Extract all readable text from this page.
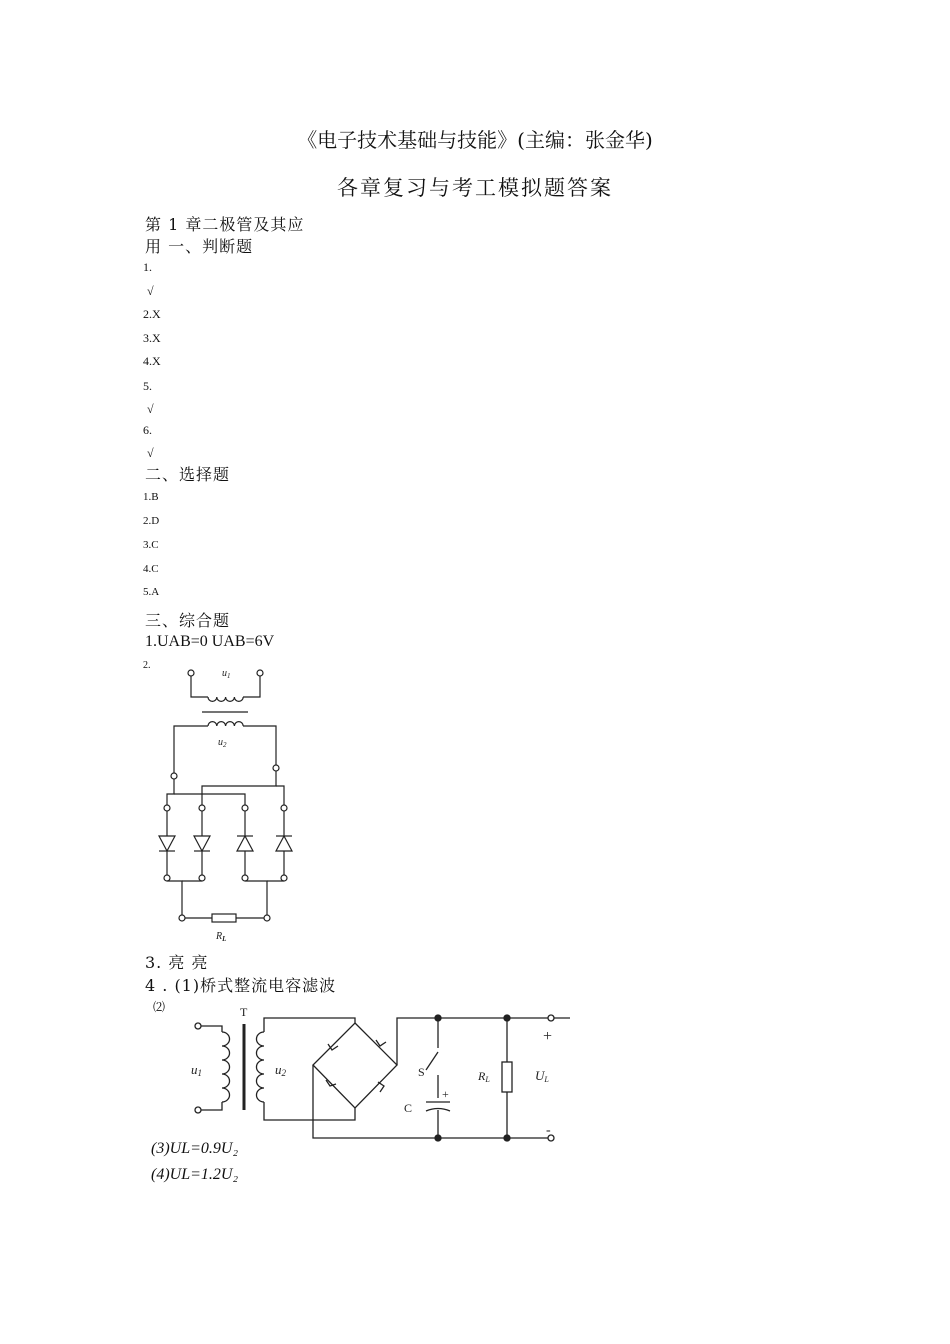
《电子技术基础与技能》(主编：张金华)
各章复习与考工模拟题答案
第 1 章二极管及其应
用 一、判断题
1.
√
2.X
3.X
4.X
5.
√
6.
√
二、选择题
1.B
2.D
3.C
4.C
5.A
三、综合题
1.UAB=0 UAB=6V
2.
$u_1$
$u_2$
$R_L$
3. 亮 亮
4 . (1)桥式整流电容滤波
⑵
u1
T
u2	S
+
C
RL
+
-
UL
(3)UL=0.9U₂
(4)UL=1.2U₂
